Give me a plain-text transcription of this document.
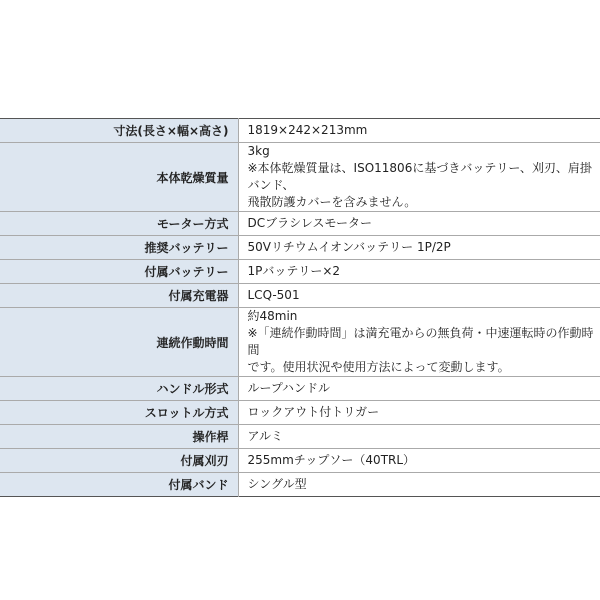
寸法(長さ×幅×高さ)	1819×242×213mm

本体乾燥質量	3kg
※本体乾燥質量は、ISO11806に基づきバッテリー、刈刃、肩掛バンド、
飛散防護カバーを含みません。

モーター方式	DCブラシレスモーター

推奨バッテリー	50Vリチウムイオンバッテリー 1P/2P

付属バッテリー	1Pバッテリー×2

付属充電器	LCQ-501

連続作動時間	約48min
※「連続作動時間」は満充電からの無負荷・中速運転時の作動時間
です。使用状況や使用方法によって変動します。

ハンドル形式	ループハンドル

スロットル方式	ロックアウト付トリガー

操作桿	アルミ

付属刈刃	255mmチップソー（40TRL）

付属バンド	シングル型
